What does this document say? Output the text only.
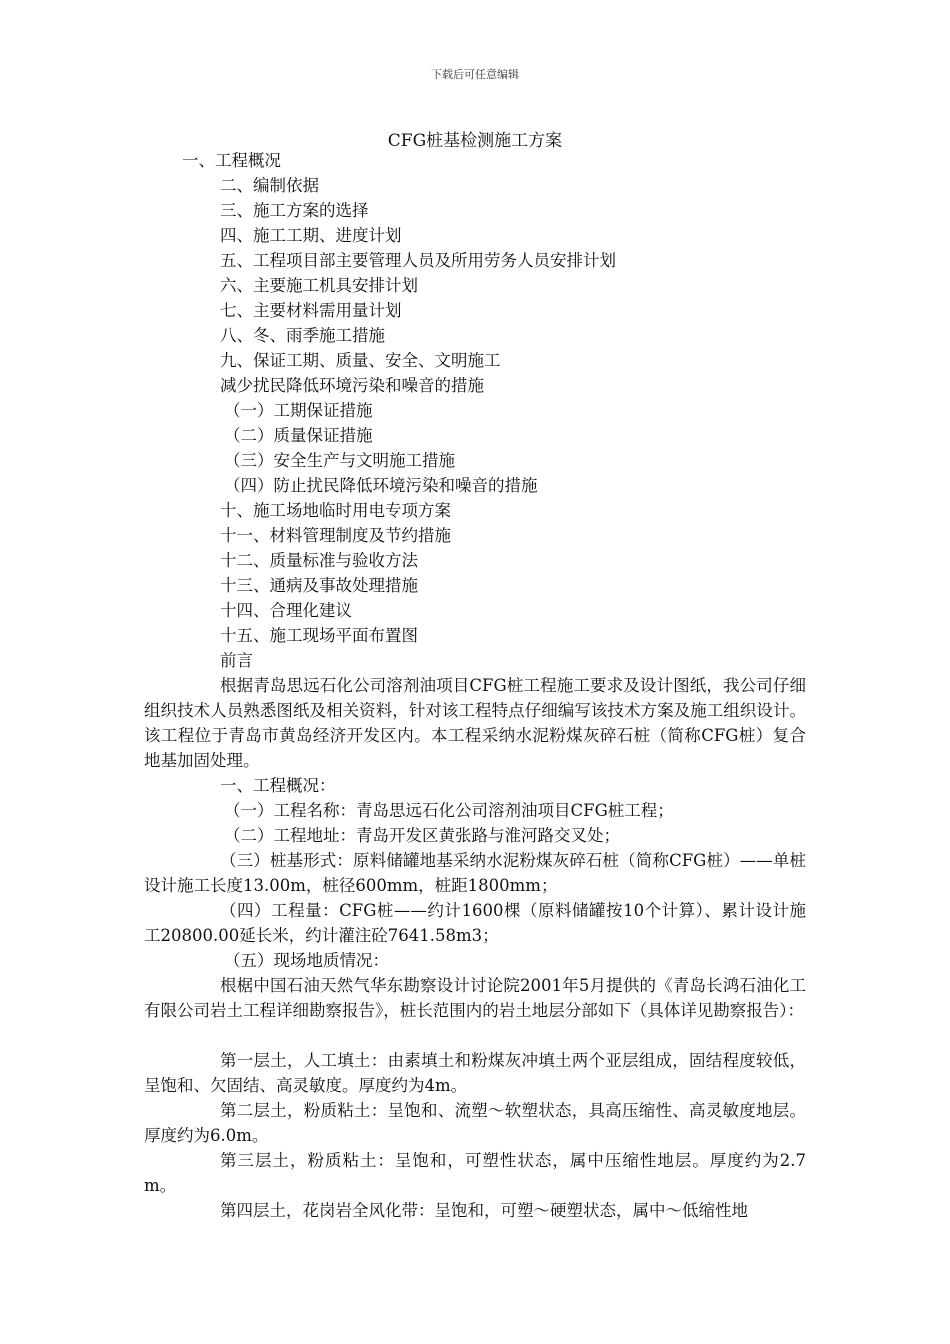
下载后可任意编辑
CFG桩基检测施工方案
一、工程概况
二、编制依据
三、施工方案的选择
四、施工工期、进度计划
五、工程项目部主要管理人员及所用劳务人员安排计划
六、主要施工机具安排计划
七、主要材料需用量计划
八、冬、雨季施工措施
九、保证工期、质量、安全、文明施工
减少扰民降低环境污染和噪音的措施
（一）工期保证措施
（二）质量保证措施
（三）安全生产与文明施工措施
（四）防止扰民降低环境污染和噪音的措施
十、施工场地临时用电专项方案
十一、材料管理制度及节约措施
十二、质量标准与验收方法
十三、通病及事故处理措施
十四、合理化建议
十五、施工现场平面布置图
前言
根据青岛思远石化公司溶剂油项目CFG桩工程施工要求及设计图纸，我公司仔细组织技术人员熟悉图纸及相关资料，针对该工程特点仔细编写该技术方案及施工组织设计。该工程位于青岛市黄岛经济开发区内。本工程采纳水泥粉煤灰碎石桩（简称CFG桩）复合地基加固处理。
一、工程概况：
（一）工程名称：青岛思远石化公司溶剂油项目CFG桩工程；
（二）工程地址：青岛开发区黄张路与淮河路交叉处；
（三）桩基形式：原料储罐地基采纳水泥粉煤灰碎石桩（简称CFG桩）——单桩设计施工长度13.00m，桩径600mm，桩距1800mm；
（四）工程量：CFG桩——约计1600棵（原料储罐按10个计算）、累计设计施工20800.00延长米，约计灌注砼7641.58m3；
（五）现场地质情况：
根椐中国石油天然气华东勘察设计讨论院2001年5月提供的《青岛长鸿石油化工有限公司岩土工程详细勘察报告》，桩长范围内的岩土地层分部如下（具体详见勘察报告）：
第一层土，人工填土：由素填土和粉煤灰冲填土两个亚层组成，固结程度较低，呈饱和、欠固结、高灵敏度。厚度约为4m。
第二层土，粉质粘土：呈饱和、流塑～软塑状态，具高压缩性、高灵敏度地层。厚度约为6.0m。
第三层土，粉质粘土：呈饱和，可塑性状态，属中压缩性地层。厚度约为2.7m。
第四层土，花岗岩全风化带：呈饱和，可塑～硬塑状态，属中～低缩性地
